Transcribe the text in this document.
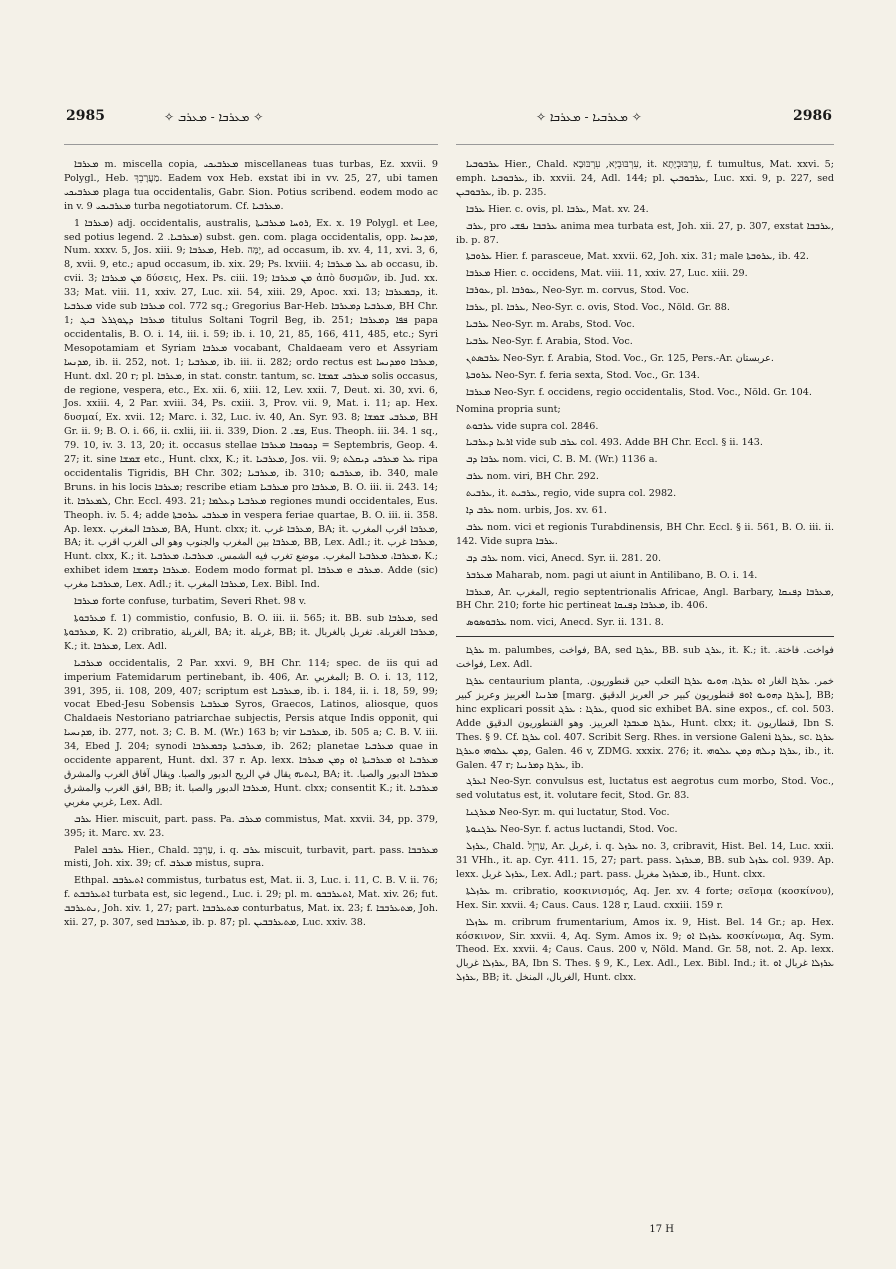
2985	✧ ܡܥܪܒܐ - ܡܥܪܒ ✧	✧ ܡܥܪܒܝܐ - ܡܥܪܒܐ ✧	2986

ܡܥܪܒܐ m. miscella copia, ܡܥܪܒܝܟܝ miscellaneas tuas turbas, Ez. xxvii. 9 Polygl., Heb. מַעֲרָבֵךְ. Eadem vox Heb. exstat ibi in vv. 25, 27, ubi tamen ܡܥܪܒܝܟܝ plaga tua occidentalis, Gabr. Sion. Potius scribend. eodem modo ac in v. 9 ܡܥܪܒܝܟܝ turba negotiatorum. Cf. ܡܥܪܒܝܐ.

ܡܥܪܒܐ 1) adj. occidentalis, australis, ܪܘܚܐ ܡܥܪܒܝܬܐ, Ex. x. 19 Polygl. et Lee, sed potius legend. ܡܥܪܒܝܐ. 2) subst. gen. com. plaga occidentalis, opp. ܡܕܢܚܐ, Num. xxxv. 5, Jos. xiii. 9; ܡܥܪܒܐ, Heb. יָמָּה, ad occasum, ib. xv. 4, 11, xvi. 3, 6, 8, xvii. 9, etc.; apud occasum, ib. xix. 29; Ps. lxviii. 4; ܥܠ ܡܥܪܒܐ ab occasu, ib. cvii. 3; ܡܢ ܡܥܪܒܐ δύσεις, Hex. Ps. ciii. 19; ܡܢ ܡܥܪܒܐ ἀπὸ δυσμῶν, ib. Jud. xx. 33; Mat. viii. 11, xxiv. 27, Luc. xii. 54, xiii. 29, Apoc. xxi. 13; ܕܒܡܥܪܒܐ, it. ܡܥܪܒܝܐ vide sub ܡܥܪܒܐ col. 772 sq.; Gregorius Bar-Heb. ܡܥܪܒܝܐ ܕܡܥܪܒܐ, BH Chr. 1; ܡܥܪܒܐ ܕܛܘܓܪܠ ܒܝܓ titulus Soltani Togril Beg, ib. 251; ܦܦܐ ܕܡܥܪܒܐ papa occidentalis, B. O. i. 14, iii. i. 59; ib. i. 10, 21, 85, 166, 411, 485, etc.; Syri Mesopotamiam et Syriam ܡܥܪܒܐ vocabant, Chaldaeam vero et Assyriam ܡܕܢܚܐ, ib. ii. 252, not. 1; ܡܥܪܒܝܐ, ib. iii. ii. 282; ordo rectus est ܡܥܪܒܐ ܘܡܕܢܚܐ, Hunt. dxl. 20 r; pl. ܡܥܪܒܐ, in stat. constr. tantum, sc. ܡܥܪܒܝ ܫܡܫܐ solis occasus, de regione, vespera, etc., Ex. xii. 6, xiii. 12, Lev. xxii. 7, Deut. xi. 30, xvi. 6, Jos. xxiii. 4, 2 Par. xviii. 34, Ps. cxiii. 3, Prov. vii. 9, Mat. i. 11; ap. Hex. δυσμαί, Ex. xvii. 12; Marc. i. 32, Luc. iv. 40, An. Syr. 93. 8; ܡܥܪܒܝ ܫܡܫܐ, BH Gr. ii. 9; B. O. i. 66, ii. cxlii, iii. ii. 339, Dion. ܦܫ. 2, Eus. Theoph. iii. 34. 1 sq., 79. 10, iv. 3. 13, 20; it. occasus stellae ܕܟܘܟܒܐ ܡܥܪܒܐ = Septembris, Geop. 4. 27; it. sine ܫܡܫܐ etc., Hunt. clxx, K.; it. ܡܥܪܒܝܐ, Jos. vii. 9; ܥܠ ܡܥܪܒܝ ܕܝܩܠܬ ripa occidentalis Tigridis, BH Chr. 302; ܡܥܪܒܝܐ, ib. 310; ܡܥܪܒܝܘ, ib. 340, male Bruns. in his locis ܡܥܪܒܐ; rescribe etiam ܡܥܪܒܝܐ pro ܡܥܪܒܐ, B. O. iii. ii. 243. 14; it. ܠܡܥܪܒܐ, Chr. Eccl. 493. 21; ܡܥܪܒܝܐ ܕܥܠܡܐ regiones mundi occidentales, Eus. Theoph. iv. 5. 4; adde ܡܥܪܒܝ ܥܪܘܒܬܐ in vespera feriae quartae, B. O. iii. ii. 358. Ap. lexx. ܡܥܪܒܐ المغرب, BA, Hunt. clxx; it. ܡܥܪܒܐ غرب, BA; it. ܡܥܪܒܐ اقرب المغرب, BA; it. ܡܥܪܒܐ بين المغرب والجنوب وهو الى الغرب اقرب, BB, Lex. Adl.; it. ܡܥܪܒܐ غرب, Hunt. clxx, K.; it. ܡܥܪܒܐ، ܡܥܪܒܝܐ المغرب. موضع تغرب فيه الشمس. ܡܥܪܒܝܐ، ܡܥܪܒܝܐ، K.; exhibet idem ܡܥܪܒܐ ܕܫܡܫܐ. Eodem modo format pl. ܡܥܪܒܐ e ܡܥܪܒ. Adde (sic) ܡܥܪܒܝܐ مغرب, Lex. Adl.; it. ܡܥܪܒܐ المغرب, Lex. Bibl. Ind.

ܡܥܪܒܐ forte confuse, turbatim, Severi Rhet. 98 v.

ܡܥܪܒܘܬܐ f. 1) commistio, confusio, B. O. iii. ii. 565; it. BB. sub ܡܥܪܒܐ, sed ܡܥܪܒܘܬܐ, K. 2) cribratio, الغربلة, BA; it. غربلة, BB; it. ܡܥܪܒܐ الغربلة. تغربل بالغربال, K.; it. ܡܥܪܒܐ, Lex. Adl.

ܡܥܪܒܝܐ occidentalis, 2 Par. xxvi. 9, BH Chr. 114; spec. de iis qui ad imperium Fatemidarum pertinebant, ib. 406, Ar. المغربي; B. O. i. 13, 112, 391, 395, ii. 108, 209, 407; scriptum est ܡܥܪܒܝܐ, ib. i. 184, ii. i. 18, 59, 99; vocat Ebed-Jesu Sobensis ܡܥܪܒܝܐ Syros, Graecos, Latinos, aliosque, quos Chaldaeis Nestoriano patriarchae subjectis, Persis atque Indis opponit, qui ܡܕܢܚܝܐ, ib. 277, not. 3; C. B. M. (Wr.) 163 b; vir ܡܥܪܒܝܐ, ib. 505 a; C. B. V. iii. 34, Ebed J. 204; synodi ܡܥܪܒܝܬܐ ܕܒܡܥܪܒܐ, ib. 262; planetae ܡܥܪܒܝܐ quae in occidente apparent, Hunt. dxl. 37 r. Ap. lexx. ܡܥܪܒܝܐ ܐܘ ܡܥܪܒܝܬܐ ܐܘ ܕܡܢ ܡܥܪܒܐ ܐܝܬܝܗ يقال في الريح الدبور والصبا. ويقال آفاق الغرب والمشرق, BA; it. ܡܥܪܒܐ الدبور والصبا. افق الغرب والمشرق, BB; it. ܡܥܪܒܐ الدبور والصبا, Hunt. clxx; consentit K.; it. ܡܥܪܒܝܐ غربي مغربي, Lex. Adl.

ܥܪܒ Hier. miscuit, part. pass. Pa. ܡܥܪܒ commistus, Mat. xxvii. 34, pp. 379, 395; it. Marc. xv. 23.

Palel ܥܪܒܒ Hier., Chald. עַרְבֵּב, i. q. ܥܪܒ miscuit, turbavit, part. pass. ܡܥܪܒܒܐ misti, Joh. xix. 39; cf. ܡܥܪܒ mistus, supra.

Ethpal. ܐܬܥܪܒܒ commistus, turbatus est, Mat. ii. 3, Luc. i. 11, C. B. V. ii. 76; f. ܐܬܥܪܒܒܬ turbata est, sic legend., Luc. i. 29; pl. m. ܐܬܥܪܒܒܘ, Mat. xiv. 26; fut. ܢܬܥܪܒܒ, Joh. xiv. 1, 27; part. ܡܬܥܪܒܒܐ conturbatus, Mat. ix. 23; f. ܡܬܥܪܒܒܐ, Joh. xii. 27, p. 307, sed ܡܥܪܒܒܐ, ib. p. 87; pl. ܡܬܥܪܒܒܝܢ, Luc. xxiv. 38.

ܥܪܒܘܒܝܐ Hier., Chald. עִרְבּוּבְיָא, עִרְבּוּבָא, it. עִרְבּוּבְיָתָא, f. tumultus, Mat. xxvi. 5; emph. ܥܪܒܘܒܝܐ, ib. xxvii. 24, Adl. 144; pl. ܥܪܒܘܒܝܢ, Luc. xxi. 9, p. 227, sed ܥܪܒܘܒܝܢ, ib. p. 235.

ܥܪܒܐ Hier. c. ovis, pl. ܥܪܒܐ, Mat. xv. 24.

ܥܪܒ, pro ܥܪܒܒܐ ܢܦܫܝ anima mea turbata est, Joh. xii. 27, p. 307, exstat ܥܪܒܒܐ, ib. p. 87.

ܥܪܘܒܬܐ Hier. f. parasceue, Mat. xxvii. 62, Joh. xix. 31; male ܥܪܘܒܬܐ, ib. 42.

ܡܥܪܒܐ Hier. c. occidens, Mat. viii. 11, xxiv. 27, Luc. xiii. 29.

ܥܘܪܒܐ, pl. ܥܘܪܒܐ, Neo-Syr. m. corvus, Stod. Voc.

ܥܪܒܐ, pl. ܥܪܒܐ, Neo-Syr. c. ovis, Stod. Voc., Nöld. Gr. 88.

ܥܪܒܝܐ Neo-Syr. m. Arabs, Stod. Voc.

ܥܪܒܝܐ Neo-Syr. f. Arabia, Stod. Voc.

ܥܪܒܣܬܢ Neo-Syr. f. Arabia, Stod. Voc., Gr. 125, Pers.-Ar. عربستان.

ܥܪܘܒܬܐ Neo-Syr. f. feria sexta, Stod. Voc., Gr. 134.

ܡܥܪܒܐ Neo-Syr. f. occidens, regio occidentalis, Stod. Voc., Nöld. Gr. 104.

Nomina propria sunt;

ܥܪܒܘܬ vide supra col. 2846.

ܐܪܥܐ ܕܥܪܒܝܐ vide sub ܥܪܒ col. 493. Adde BH Chr. Eccl. § ii. 143.

ܥܪܒܐ ܕܒ nom. vici, C. B. M. (Wr.) 1136 a.

ܥܪܒ nom. viri, BH Chr. 292.

ܥܪܒܝܬ, it. ܥܪܒܝܬ, regio, vide supra col. 2982.

ܥܪܒ ܕܐ nom. urbis, Jos. xv. 61.

ܥܪܒ nom. vici et regionis Turabdinensis, BH Chr. Eccl. § ii. 561, B. O. iii. ii. 142. Vide supra ܥܪܒܐ.

ܥܪܒ ܕܒ nom. vici, Anecd. Syr. ii. 281. 20.

ܡܥܪܒܪ Maharab, nom. pagi ut aiunt in Antilibano, B. O. i. 14.

ܡܥܪܒܐ, Ar. المغرب, regio septentrionalis Africae, Angl. Barbary, ܡܥܪܒܐ ܕܦܢܩܐ, BH Chr. 210; forte hic pertineat ܡܥܪܒܐ ܕܦܢܩܐ, ib. 406.

ܥܪܒܘܣܘܣ nom. vici, Anecd. Syr. ii. 131. 8.

ܥܪܓܐ m. palumbes, فواخت, BA, sed ܥܪܓܐ, BB. sub ܥܪܓ, it. K.; it. فواخت. فاختة. فواخت, Lex. Adl.

ܥܪܓܐ centaurium planta, ﺧﻤﺮ. ܥܪܓܐ ﺍﻟﻐﺎﺭ ܐܘ ܥܪܓܐ، ܗܘܝܘ ܥܪܓܐ ﺍﻟﺘﻌﻠﺐ ﺣﻴﻦ قنطوريون. ܡܪܢܝܐ ﺍﻟﻌﺮﺑﻴﺰ ﻭﻋﺮﺑﺰ ﻛﺒﻴﺮ [marg. ܥܪܓܐ ܕܗܘܝܘ ܐܘܦ قنطوريون كبير ﺣﺮ ﺍﻟﻌﺮﺑﺰ ﺍﻟﺪﻗﻴﻖ], BB; hinc explicari possit ܥܪܓܐ : ܥܪܓ, quod sic exhibet BA. sine expos., cf. col. 503. Adde ܥܪܓܐ ܡܥܒܕܐ العربيز. وهو القنطوريون الدقيق, Hunt. clxx; it. قنطاريون, Ibn S. Thes. § 9. Cf. ܥܪܓܐ col. 407. Scribit Serg. Rhes. in versione Galeni ܥܪܓܐ, sc. ܥܪܓܐ ܕܡܢ ܥܠܘܗܝ ܘܥܪܓܐ, Galen. 46 v, ZDMG. xxxix. 276; it. ܥܪܓܐ ܕܝܠܗ ܕܡܢ ܥܠܘܗܝ, ib., it. Galen. 47 r; ܥܪܓܐ ܕܡܪܢܝܐ, ib.

ܐܥܪܓ Neo-Syr. convulsus est, luctatus est aegrotus cum morbo, Stod. Voc., sed volutatus est, it. volutare fecit, Stod. Gr. 83.

ܡܥܪܓܢܐ Neo-Syr. m. qui luctatur, Stod. Voc.

ܥܪܓܢܘܬܐ Neo-Syr. f. actus luctandi, Stod. Voc.

ܥܪܙܠ, Chald. עַרְזֵל, Ar. غربل, i. q. ܥܪܙܠ no. 3, cribravit, Hist. Bel. 14, Luc. xxii. 31 VHh., it. ap. Cyr. 411. 15, 27; part. pass. ܡܥܪܙܠ, BB. sub ܥܪܙܠ col. 939. Ap. lexx. ܥܪܙܠ غربل, Lex. Adl.; part. pass. ܡܥܪܙܠ مغربل, ib., Hunt. clxx.

ܥܪܙܠܬܐ m. cribratio, κοσκινισμός, Aq. Jer. xv. 4 forte; σεῖσμα (κοσκίνου), Hex. Sir. xxvii. 4; Caus. Caus. 128 r, Laud. cxxiii. 159 r.

ܥܪܙܠܐ m. cribrum frumentarium, Amos ix. 9, Hist. Bel. 14 Gr.; ap. Hex. κόσκινον, Sir. xxvii. 4, Aq. Sym. Amos ix. 9; ܥܪܙܠܐ ܐܘ κοσκίνωμα, Aq. Sym. Theod. Ex. xxvii. 4; Caus. Caus. 200 v, Nöld. Mand. Gr. 58, not. 2. Ap. lexx. ܥܪܙܠܐ غربال, BA, Ibn S. Thes. § 9, K., Lex. Adl., Lex. Bibl. Ind.; it. ܥܪܙܠܐ غربال ܐܘ ܥܪܙܠ, BB; it. الغربال، المنخل, Hunt. clxx.

17 H
